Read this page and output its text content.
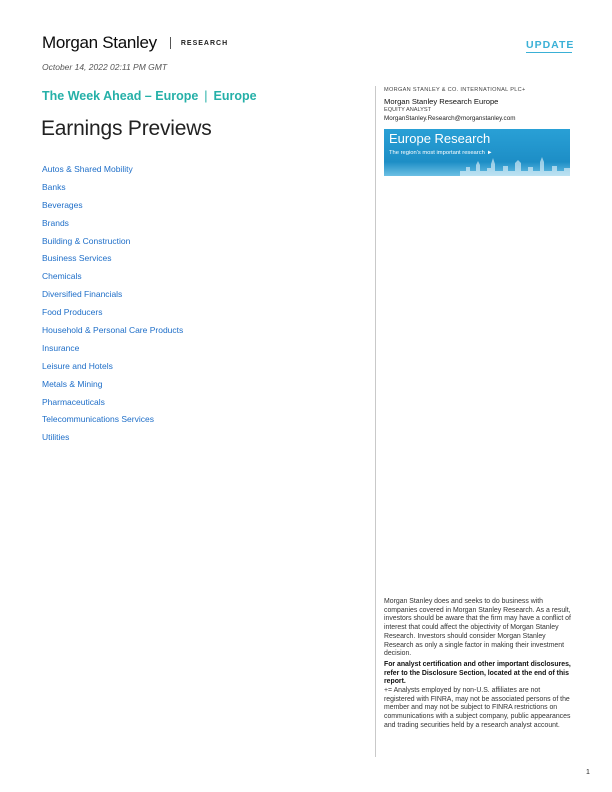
Morgan Stanley	RESEARCH	UPDATE
October 14, 2022 02:11 PM GMT
The Week Ahead – Europe | Europe
Earnings Previews
Autos & Shared Mobility
Banks
Beverages
Brands
Building & Construction
Business Services
Chemicals
Diversified Financials
Food Producers
Household & Personal Care Products
Insurance
Leisure and Hotels
Metals & Mining
Pharmaceuticals
Telecommunications Services
Utilities
MORGAN STANLEY & CO. INTERNATIONAL PLC+
Morgan Stanley Research Europe
EQUITY ANALYST
MorganStanley.Research@morganstanley.com
Europe Research
The region's most important research ►

Morgan Stanley does and seeks to do business with companies covered in Morgan Stanley Research. As a result, investors should be aware that the firm may have a conflict of interest that could affect the objectivity of Morgan Stanley Research. Investors should consider Morgan Stanley Research as only a single factor in making their investment decision.

For analyst certification and other important disclosures, refer to the Disclosure Section, located at the end of this report.

+= Analysts employed by non-U.S. affiliates are not registered with FINRA, may not be associated persons of the member and may not be subject to FINRA restrictions on communications with a subject company, public appearances and trading securities held by a research analyst account.

1
